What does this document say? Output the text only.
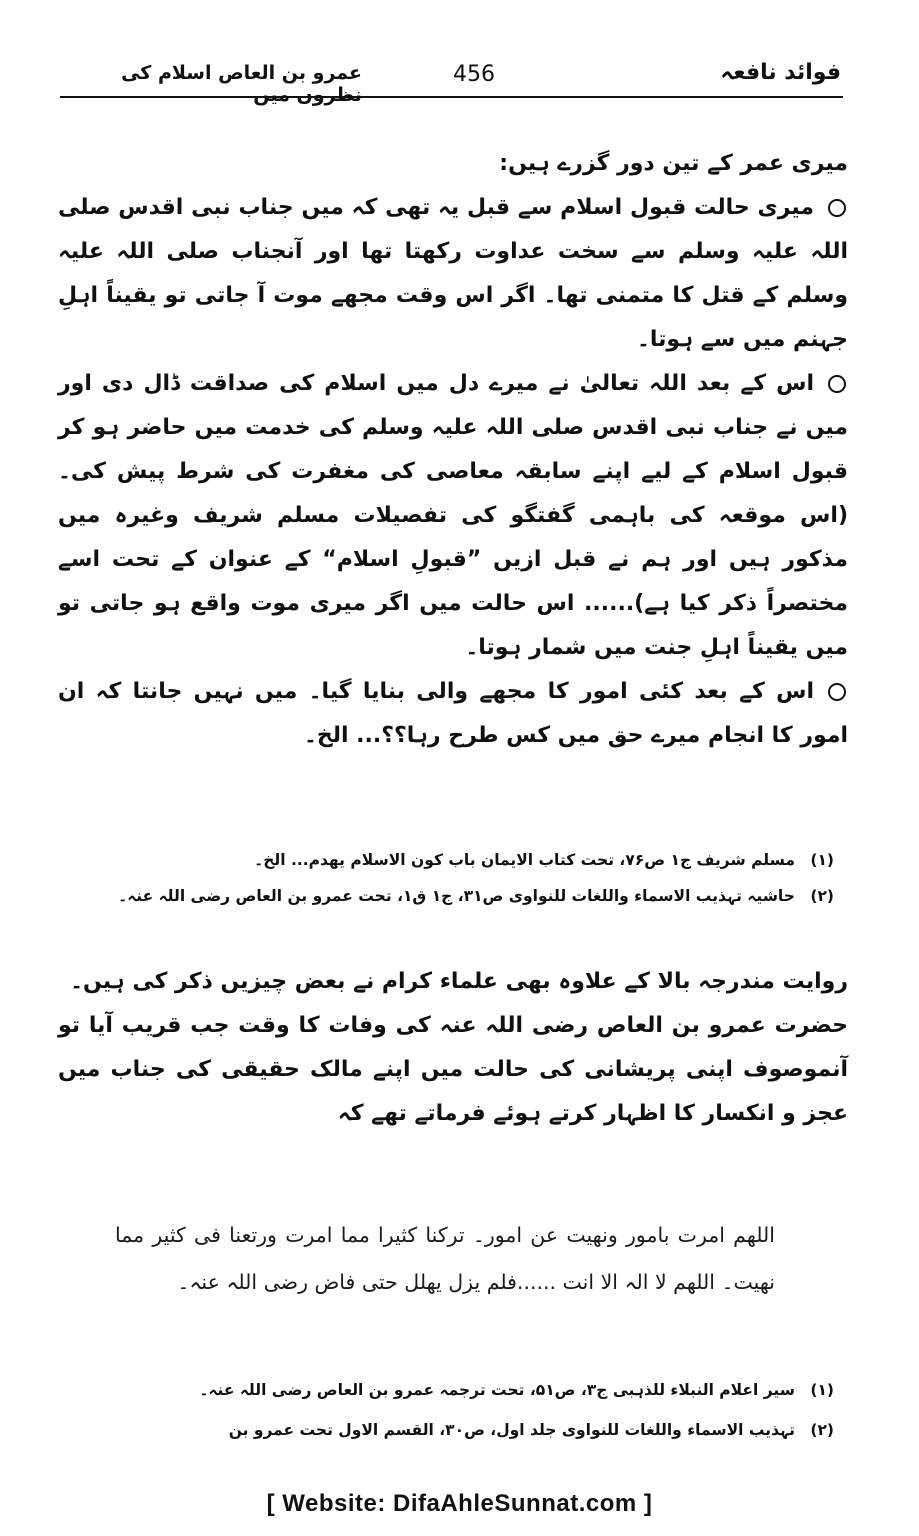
عمرو بن العاص اسلام کی نظروں میں
456	فوائد نافعہ

میری عمر کے تین دور گزرے ہیں:

میری حالت قبول اسلام سے قبل یہ تھی کہ میں جناب نبی اقدس صلی اللہ علیہ وسلم سے سخت عداوت رکھتا تھا اور آنجناب صلی اللہ علیہ وسلم کے قتل کا متمنی تھا۔ اگر اس وقت مجھے موت آ جاتی تو یقیناً اہلِ جہنم میں سے ہوتا۔

اس کے بعد اللہ تعالیٰ نے میرے دل میں اسلام کی صداقت ڈال دی اور میں نے جناب نبی اقدس صلی اللہ علیہ وسلم کی خدمت میں حاضر ہو کر قبول اسلام کے لیے اپنے سابقہ معاصی کی مغفرت کی شرط پیش کی۔ (اس موقعہ کی باہمی گفتگو کی تفصیلات مسلم شریف وغیرہ میں مذکور ہیں اور ہم نے قبل ازیں ”قبولِ اسلام“ کے عنوان کے تحت اسے مختصراً ذکر کیا ہے)...... اس حالت میں اگر میری موت واقع ہو جاتی تو میں یقیناً اہلِ جنت میں شمار ہوتا۔

اس کے بعد کئی امور کا مجھے والی بنایا گیا۔ میں نہیں جانتا کہ ان امور کا انجام میرے حق میں کس طرح رہا؟؟... الخ۔

(۱) مسلم شریف ج۱ ص۷۶، تحت کتاب الایمان باب کون الاسلام یھدم... الخ۔
(۲) حاشیہ تہذیب الاسماء واللغات للنواوی ص۳۱، ج۱ ق۱، تحت عمرو بن العاص رضی اللہ عنہ۔

روایت مندرجہ بالا کے علاوہ بھی علماء کرام نے بعض چیزیں ذکر کی ہیں۔

حضرت عمرو بن العاص رضی اللہ عنہ کی وفات کا وقت جب قریب آیا تو آنموصوف اپنی پریشانی کی حالت میں اپنے مالک حقیقی کی جناب میں عجز و انکسار کا اظہار کرتے ہوئے فرماتے تھے کہ

اللھم امرت بامور ونھیت عن امور۔ ترکنا کثیرا مما امرت ورتعنا فی کثیر مما نھیت۔ اللھم لا الہ الا انت ......فلم یزل یھلل حتی فاض رضی اللہ عنہ۔
(۱) سیر اعلام النبلاء للذہبی ج۳، ص۵۱، تحت ترجمہ عمرو بن العاص رضی اللہ عنہ۔
(۲) تہذیب الاسماء واللغات للنواوی جلد اول، ص۳۰، القسم الاول تحت عمرو بن
[ Website: DifaAhleSunnat.com ]
